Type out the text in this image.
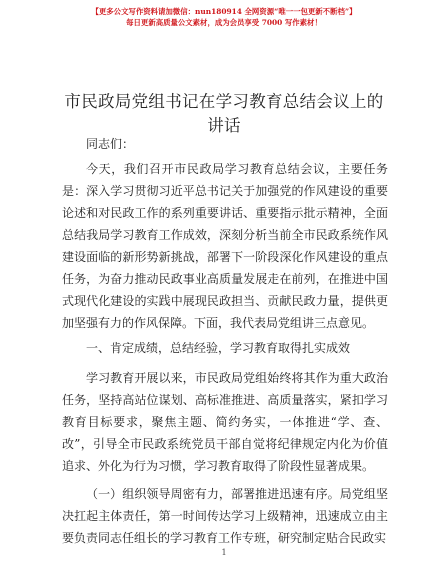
【更多公文写作资料请加微信：nun180914 全网资源“唯一一包更新不断档”】
每日更新高质量公文素材，成为会员享受 7000 写作素材！
市民政局党组书记在学习教育总结会议上的讲话

同志们：

今天，我们召开市民政局学习教育总结会议，主要任务是：深入学习贯彻习近平总书记关于加强党的作风建设的重要论述和对民政工作的系列重要讲话、重要指示批示精神，全面总结我局学习教育工作成效，深刻分析当前全市民政系统作风建设面临的新形势新挑战，部署下一阶段深化作风建设的重点任务，为奋力推动民政事业高质量发展走在前列，在推进中国式现代化建设的实践中展现民政担当、贡献民政力量，提供更加坚强有力的作风保障。下面，我代表局党组讲三点意见。

一、肯定成绩，总结经验，学习教育取得扎实成效

学习教育开展以来，市民政局党组始终将其作为重大政治任务，坚持高站位谋划、高标准推进、高质量落实，紧扣学习教育目标要求，聚焦主题、简约务实，一体推进“学、查、改”，引导全市民政系统党员干部自觉将纪律规定内化为价值追求、外化为行为习惯，学习教育取得了阶段性显著成果。

（一）组织领导周密有力，部署推进迅速有序。局党组坚决扛起主体责任，第一时间传达学习上级精神，迅速成立由主要负责同志任组长的学习教育工作专班，研究制定贴合民政实

1
